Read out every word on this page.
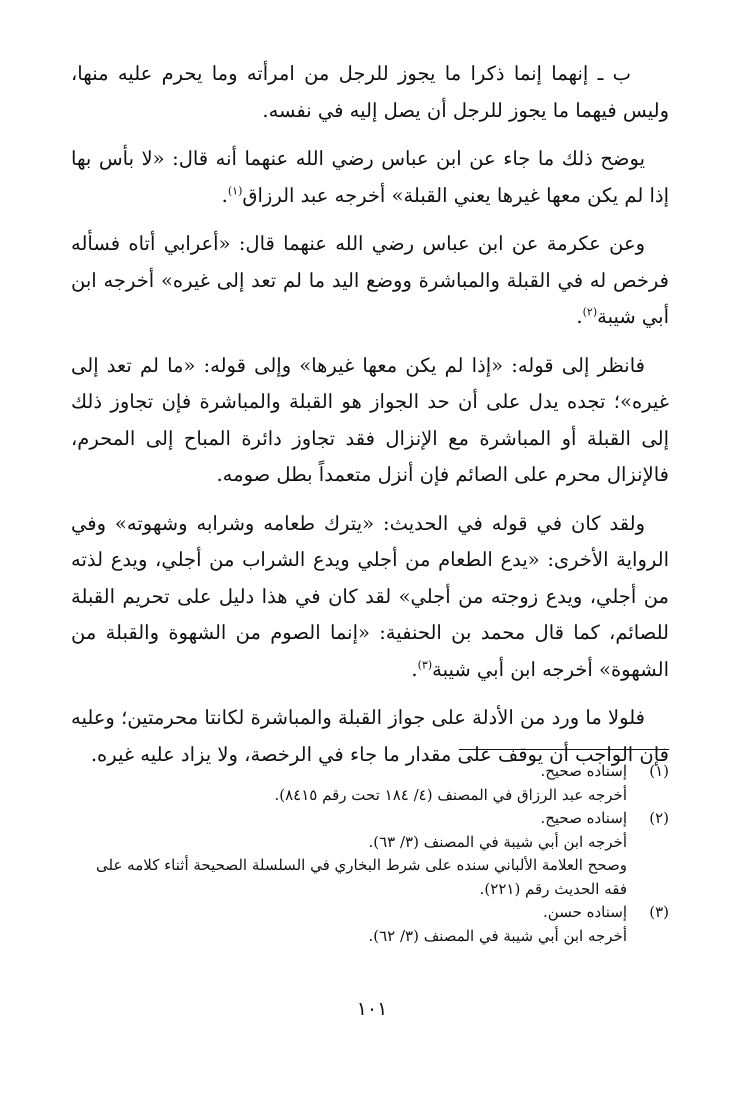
ب ـ إنهما إنما ذكرا ما يجوز للرجل من امرأته وما يحرم عليه منها، وليس فيهما ما يجوز للرجل أن يصل إليه في نفسه.

يوضح ذلك ما جاء عن ابن عباس رضي الله عنهما أنه قال: «لا بأس بها إذا لم يكن معها غيرها يعني القبلة» أخرجه عبد الرزاق$^{(١)}$.

وعن عكرمة عن ابن عباس رضي الله عنهما قال: «أعرابي أتاه فسأله فرخص له في القبلة والمباشرة ووضع اليد ما لم تعد إلى غيره» أخرجه ابن أبي شيبة$^{(٢)}$.

فانظر إلى قوله: «إذا لم يكن معها غيرها» وإلى قوله: «ما لم تعد إلى غيره»؛ تجده يدل على أن حد الجواز هو القبلة والمباشرة فإن تجاوز ذلك إلى القبلة أو المباشرة مع الإنزال فقد تجاوز دائرة المباح إلى المحرم، فالإنزال محرم على الصائم فإن أنزل متعمداً بطل صومه.

ولقد كان في قوله في الحديث: «يترك طعامه وشرابه وشهوته» وفي الرواية الأخرى: «يدع الطعام من أجلي ويدع الشراب من أجلي، ويدع لذته من أجلي، ويدع زوجته من أجلي» لقد كان في هذا دليل على تحريم القبلة للصائم، كما قال محمد بن الحنفية: «إنما الصوم من الشهوة والقبلة من الشهوة» أخرجه ابن أبي شيبة$^{(٣)}$.

فلولا ما ورد من الأدلة على جواز القبلة والمباشرة لكانتا محرمتين؛ وعليه فإن الواجب أن يوقف على مقدار ما جاء في الرخصة، ولا يزاد عليه غيره.

(١)
إسناده صحيح.
أخرجه عبد الرزاق في المصنف (٤/ ١٨٤ تحت رقم ٨٤١٥).
(٢)
إسناده صحيح.
أخرجه ابن أبي شيبة في المصنف (٣/ ٦٣).
وصحح العلامة الألباني سنده على شرط البخاري في السلسلة الصحيحة أثناء كلامه على فقه الحديث رقم (٢٢١).
(٣)
إسناده حسن.
أخرجه ابن أبي شيبة في المصنف (٣/ ٦٢).
١٠١
